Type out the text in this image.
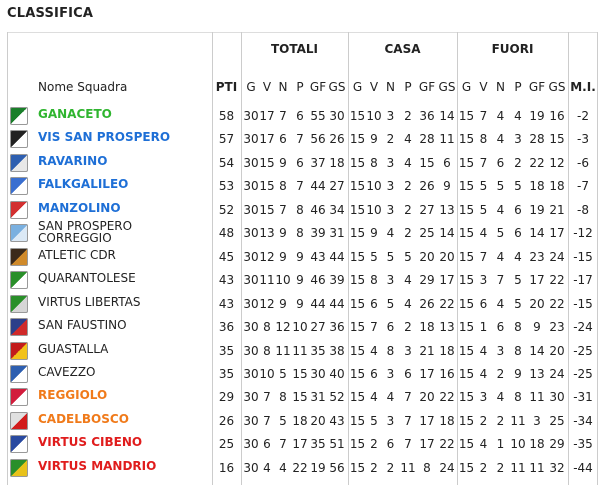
CLASSIFICA
TOTALI	CASA	FUORI
Nome Squadra	PTI G V N P GF GS G V N P GF GS G V N P GF GS M.I.
GANACETO	58 30 17 7 6 55 30 15 10 3 2 36 14 15 7 4 4 19 16	-2
VIS SAN PROSPERO	57 30 17 6 7 56 26 15 9 2 4 28 11 15 8 4 3 28 15	-3
RAVARINO	54 30 15 9 6 37 18 15 8 3 4 15 6 15 7 6 2 22 12	-6
FALKGALILEO	53 30 15 8 7 44 27 15 10 3 2 26 9 15 5 5 5 18 18	-7
MANZOLINO	52 30 15 7 8 46 34 15 10 3 2 27 13 15 5 4 6 19 21	-8
SAN PROSPERO CORREGGIO	48 30 13 9 8 39 31 15 9 4 2 25 14 15 4 5 6 14 17 -12
ATLETIC CDR	45 30 12 9 9 43 44 15 5 5 5 20 20 15 7 4 4 23 24 -15
QUARANTOLESE	43 30 11 10 9 46 39 15 8 3 4 29 17 15 3 7 5 17 22 -17
VIRTUS LIBERTAS	43 30 12 9 9 44 44 15 6 5 4 26 22 15 6 4 5 20 22 -15
SAN FAUSTINO	36 30 8 12 10 27 36 15 7 6 2 18 13 15 1 6 8 9 23 -24
GUASTALLA	35 30 8 11 11 35 38 15 4 8 3 21 18 15 4 3 8 14 20 -25
CAVEZZO	35 30 10 5 15 30 40 15 6 3 6 17 16 15 4 2 9 13 24 -25
REGGIOLO	29 30 7 8 15 31 52 15 4 4 7 20 22 15 3 4 8 11 30 -31
CADELBOSCO	26 30 7 5 18 20 43 15 5 3 7 17 18 15 2 2 11 3 25 -34
VIRTUS CIBENO	25 30 6 7 17 35 51 15 2 6 7 17 22 15 4 1 10 18 29 -35
VIRTUS MANDRIO	16 30 4 4 22 19 56 15 2 2 11 8 24 15 2 2 11 11 32 -44
